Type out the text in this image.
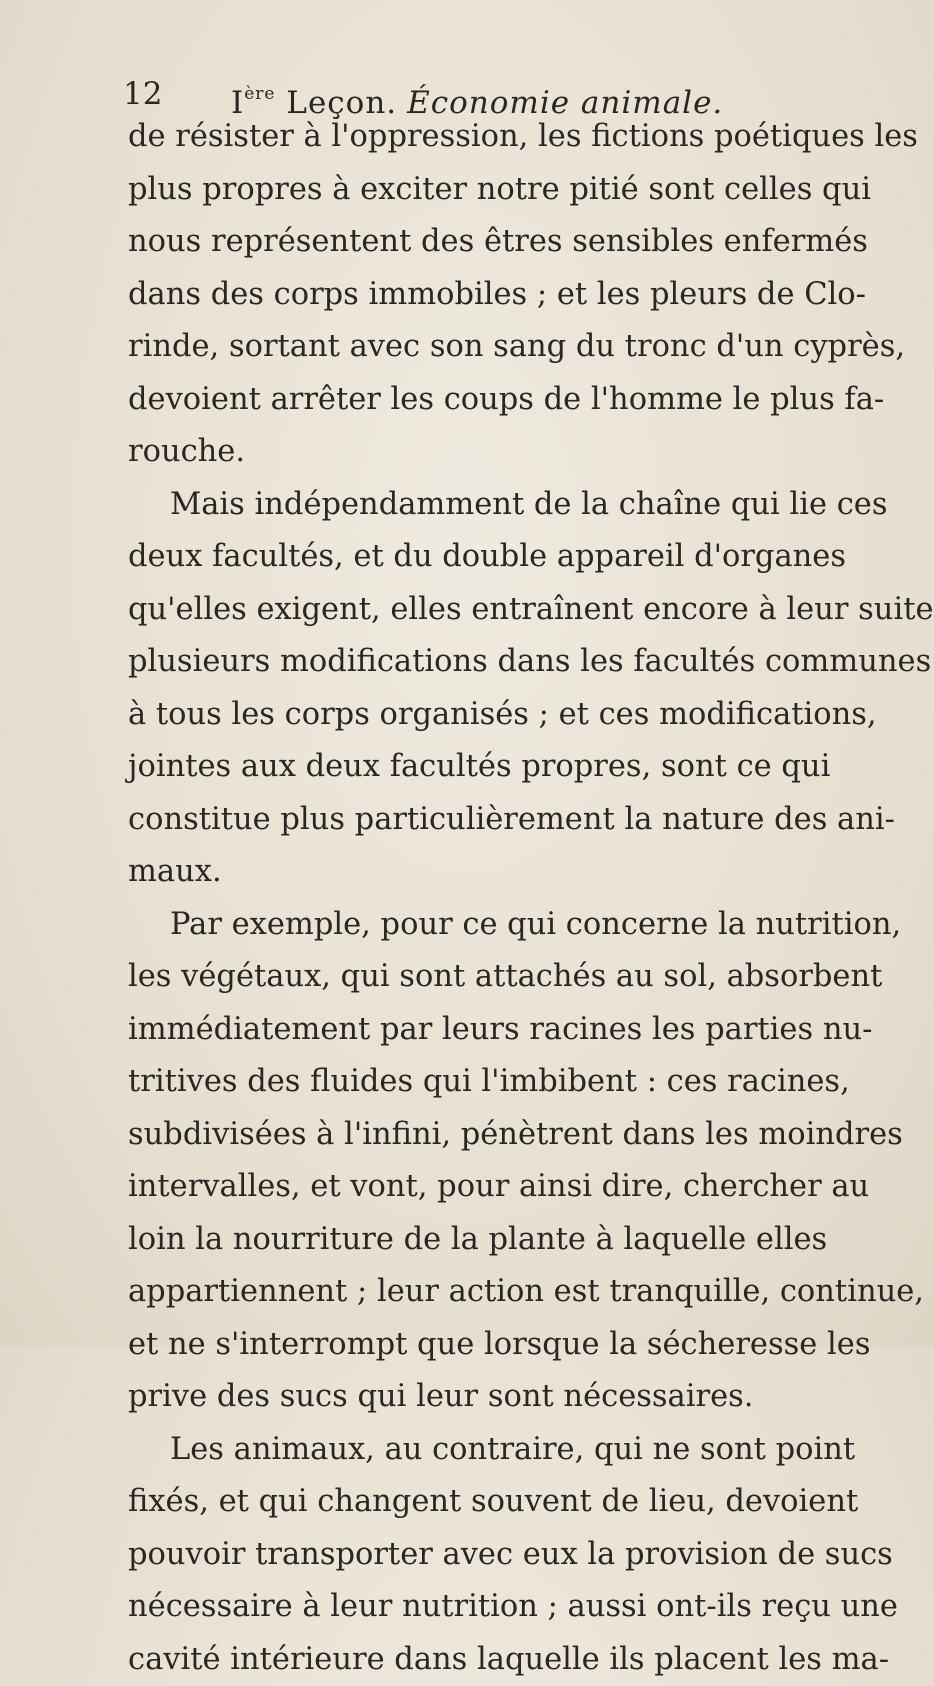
12 Ière Leçon. Économie animale.
de résister à l'oppression, les fictions poétiques les
plus propres à exciter notre pitié sont celles qui
nous représentent des êtres sensibles enfermés
dans des corps immobiles ; et les pleurs de Clo-
rinde, sortant avec son sang du tronc d'un cyprès,
devoient arrêter les coups de l'homme le plus fa-
rouche.
Mais indépendamment de la chaîne qui lie ces
deux facultés, et du double appareil d'organes
qu'elles exigent, elles entraînent encore à leur suite
plusieurs modifications dans les facultés communes
à tous les corps organisés ; et ces modifications,
jointes aux deux facultés propres, sont ce qui
constitue plus particulièrement la nature des ani-
maux.
Par exemple, pour ce qui concerne la nutrition,
les végétaux, qui sont attachés au sol, absorbent
immédiatement par leurs racines les parties nu-
tritives des fluides qui l'imbibent : ces racines,
subdivisées à l'infini, pénètrent dans les moindres
intervalles, et vont, pour ainsi dire, chercher au
loin la nourriture de la plante à laquelle elles
appartiennent ; leur action est tranquille, continue,
et ne s'interrompt que lorsque la sécheresse les
prive des sucs qui leur sont nécessaires.
Les animaux, au contraire, qui ne sont point
fixés, et qui changent souvent de lieu, devoient
pouvoir transporter avec eux la provision de sucs
nécessaire à leur nutrition ; aussi ont-ils reçu une
cavité intérieure dans laquelle ils placent les ma-
